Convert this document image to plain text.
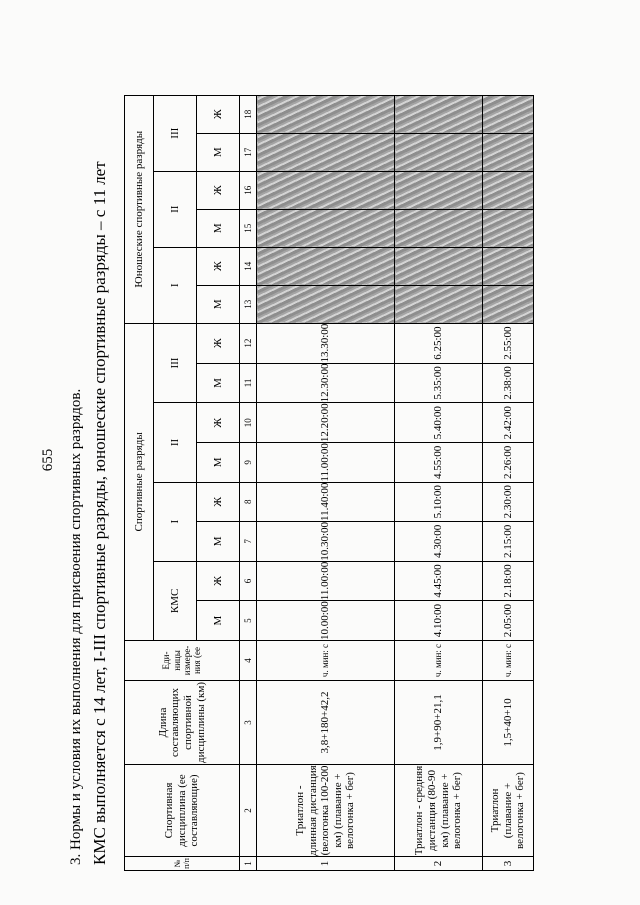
655 3. Нормы и условия их выполнения для присвоения спортивных разрядов. КМС выполняется с 14 лет, I-III спортивные разряды, юношеские спортивные разряды – с 11 лет	№ п/п	Спортивная дисциплина (ее составляющие)	Длина составляющих спортивной дисциплины (км)	Еди- ницы измере- ния (ее	Спортивные разряды								Юношеские спортивные разряды					
				КМС		I		II		III		I		II		III	
				М	Ж	М	Ж	М	Ж	М	Ж	М	Ж	М	Ж	М	Ж
1	2	3	4	5	6	7	8	9	10	11	12	13	14	15	16	17	18
1	Триатлон - длинная дистанция (велогонка 100-200 км) (плавание + велогонка + бег)	3,8+180+42,2	ч. мин: с	10.00:00	11.00:00	10.30:00	11.40:00	11.00:00	12.20:00	12.30:00	13.30:00						
2	Триатлон - средняя дистанция (80-90 км) (плавание + велогонка + бег)	1,9+90+21,1	ч. мин: с	4.10:00	4.45:00	4.30:00	5.10:00	4.55:00	5.40:00	5.35:00	6.25:00						
3	Триатлон (плавание + велогонка + бег)	1,5+40+10	ч. мин: с	2.05:00	2.18:00	2.15:00	2.30:00	2.26:00	2.42:00	2.38:00	2.55:00						
